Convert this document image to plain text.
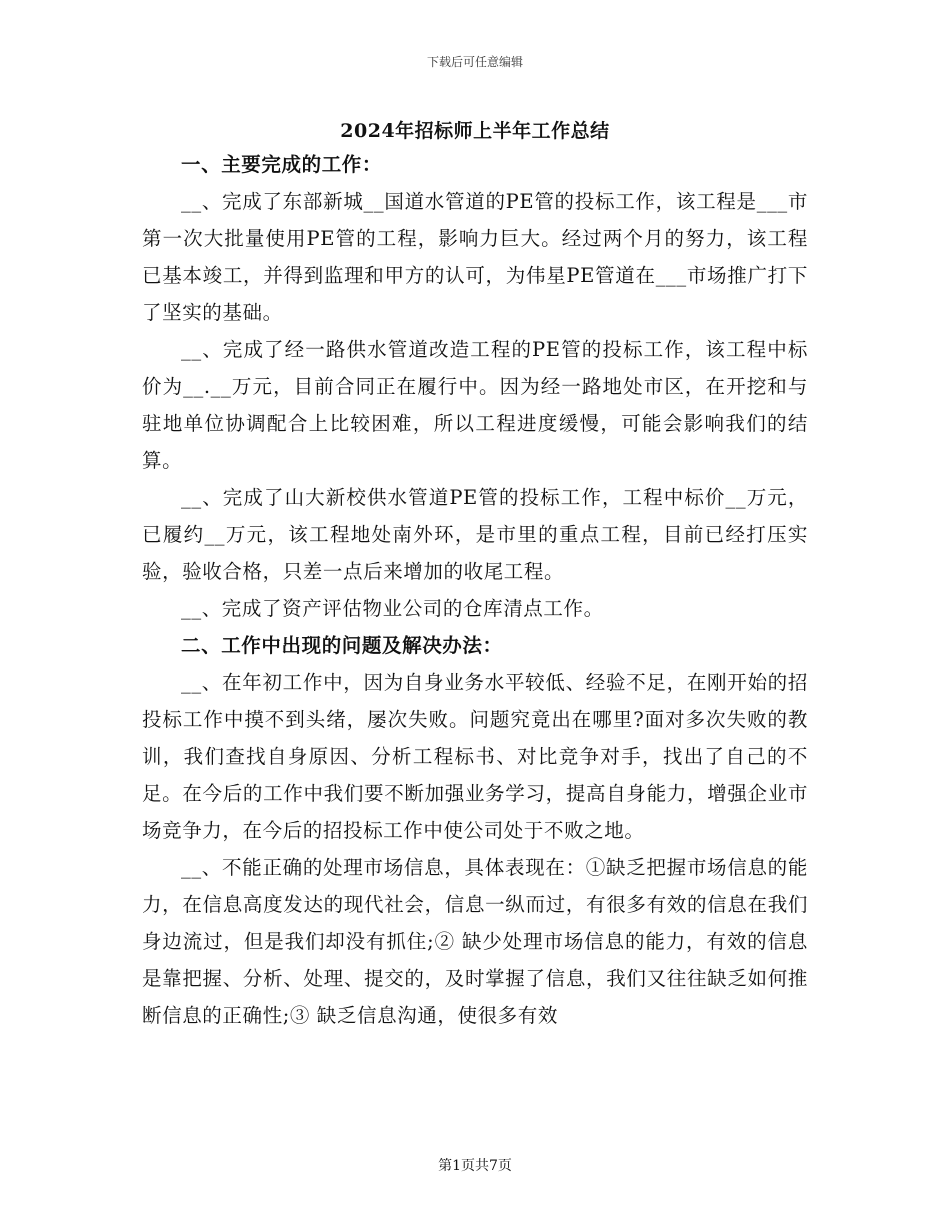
下载后可任意编辑
2024年招标师上半年工作总结
一、主要完成的工作：

__、完成了东部新城__国道水管道的PE管的投标工作，该工程是___市第一次大批量使用PE管的工程，影响力巨大。经过两个月的努力，该工程已基本竣工，并得到监理和甲方的认可，为伟星PE管道在___市场推广打下了坚实的基础。

__、完成了经一路供水管道改造工程的PE管的投标工作，该工程中标价为__.__万元，目前合同正在履行中。因为经一路地处市区，在开挖和与驻地单位协调配合上比较困难，所以工程进度缓慢，可能会影响我们的结算。

__、完成了山大新校供水管道PE管的投标工作，工程中标价__万元，已履约__万元，该工程地处南外环，是市里的重点工程，目前已经打压实验，验收合格，只差一点后来增加的收尾工程。

__、完成了资产评估物业公司的仓库清点工作。

二、工作中出现的问题及解决办法：

__、在年初工作中，因为自身业务水平较低、经验不足，在刚开始的招投标工作中摸不到头绪，屡次失败。问题究竟出在哪里?面对多次失败的教训，我们查找自身原因、分析工程标书、对比竞争对手，找出了自己的不足。在今后的工作中我们要不断加强业务学习，提高自身能力，增强企业市场竞争力，在今后的招投标工作中使公司处于不败之地。

__、不能正确的处理市场信息，具体表现在：①缺乏把握市场信息的能力，在信息高度发达的现代社会，信息一纵而过，有很多有效的信息在我们身边流过，但是我们却没有抓住;② 缺少处理市场信息的能力，有效的信息是靠把握、分析、处理、提交的，及时掌握了信息，我们又往往缺乏如何推断信息的正确性;③ 缺乏信息沟通，使很多有效

第1页共7页
